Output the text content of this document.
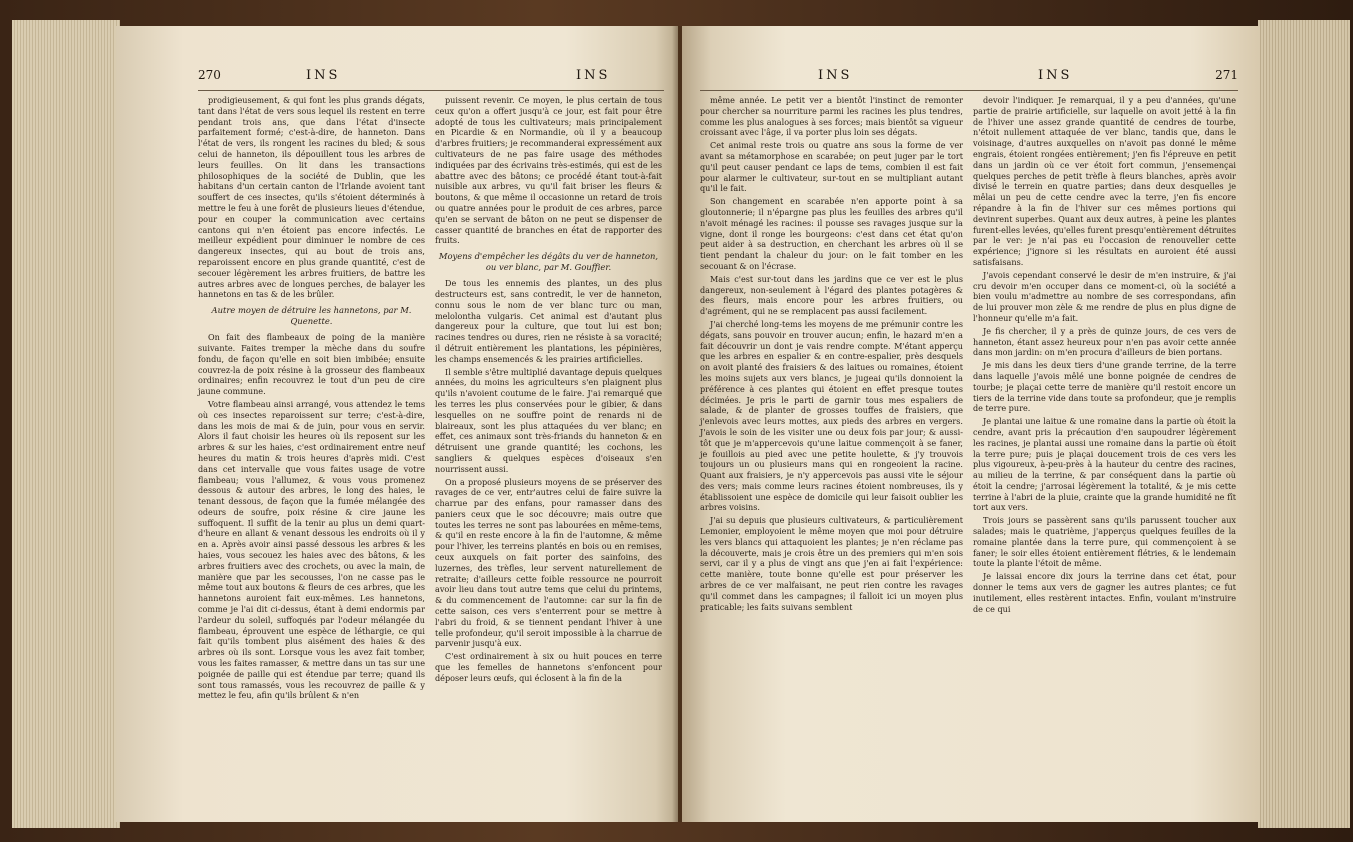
270	INS	INS

prodigieusement, & qui font les plus grands dégats, tant dans l'état de vers sous lequel ils restent en terre pendant trois ans, que dans l'état d'insecte parfaitement formé; c'est-à-dire, de hanneton. Dans l'état de vers, ils rongent les racines du bled; & sous celui de hanneton, ils dépouillent tous les arbres de leurs feuilles. On lit dans les transactions philosophiques de la société de Dublin, que les habitans d'un certain canton de l'Irlande avoient tant souffert de ces insectes, qu'ils s'étoient déterminés à mettre le feu à une forêt de plusieurs lieues d'étendue, pour en couper la communication avec certains cantons qui n'en étoient pas encore infectés. Le meilleur expédient pour diminuer le nombre de ces dangereux insectes, qui au bout de trois ans, reparoissent encore en plus grande quantité, c'est de secouer légèrement les arbres fruitiers, de battre les autres arbres avec de longues perches, de balayer les hannetons en tas & de les brûler.

Autre moyen de détruire les hannetons, par M. Quenette.

On fait des flambeaux de poing de la manière suivante. Faites tremper la mèche dans du soufre fondu, de façon qu'elle en soit bien imbibée; ensuite couvrez-la de poix résine à la grosseur des flambeaux ordinaires; enfin recouvrez le tout d'un peu de cire jaune commune.

Votre flambeau ainsi arrangé, vous attendez le tems où ces insectes reparoissent sur terre; c'est-à-dire, dans les mois de mai & de juin, pour vous en servir. Alors il faut choisir les heures où ils reposent sur les arbres & sur les haies, c'est ordinairement entre neuf heures du matin & trois heures d'après midi. C'est dans cet intervalle que vous faites usage de votre flambeau; vous l'allumez, & vous vous promenez dessous & autour des arbres, le long des haies, le tenant dessous, de façon que la fumée mélangée des odeurs de soufre, poix résine & cire jaune les suffoquent. Il suffit de la tenir au plus un demi quart-d'heure en allant & venant dessous les endroits où il y en a. Après avoir ainsi passé dessous les arbres & les haies, vous secouez les haies avec des bâtons, & les arbres fruitiers avec des crochets, ou avec la main, de manière que par les secousses, l'on ne casse pas le même tout aux boutons & fleurs de ces arbres, que les hannetons auroient fait eux-mêmes. Les hannetons, comme je l'ai dit ci-dessus, étant à demi endormis par l'ardeur du soleil, suffoqués par l'odeur mélangée du flambeau, éprouvent une espèce de léthargie, ce qui fait qu'ils tombent plus aisément des haies & des arbres où ils sont. Lorsque vous les avez fait tomber, vous les faites ramasser, & mettre dans un tas sur une poignée de paille qui est étendue par terre; quand ils sont tous ramassés, vous les recouvrez de paille & y mettez le feu, afin qu'ils brûlent & n'en

puissent revenir. Ce moyen, le plus certain de tous ceux qu'on a offert jusqu'à ce jour, est fait pour être adopté de tous les cultivateurs; mais principalement en Picardie & en Normandie, où il y a beaucoup d'arbres fruitiers; je recommanderai expressément aux cultivateurs de ne pas faire usage des méthodes indiquées par des écrivains très-estimés, qui est de les abattre avec des bâtons; ce procédé étant tout-à-fait nuisible aux arbres, vu qu'il fait briser les fleurs & boutons, & que même il occasionne un retard de trois ou quatre années pour le produit de ces arbres, parce qu'en se servant de bâton on ne peut se dispenser de casser quantité de branches en état de rapporter des fruits.

Moyens d'empêcher les dégâts du ver de hanneton, ou ver blanc, par M. Gouffier.

De tous les ennemis des plantes, un des plus destructeurs est, sans contredit, le ver de hanneton, connu sous le nom de ver blanc turc ou man, melolontha vulgaris. Cet animal est d'autant plus dangereux pour la culture, que tout lui est bon; racines tendres ou dures, rien ne résiste à sa voracité; il détruit entièrement les plantations, les pépinières, les champs ensemencés & les prairies artificielles.

Il semble s'être multiplié davantage depuis quelques années, du moins les agriculteurs s'en plaignent plus qu'ils n'avoient coutume de le faire. J'ai remarqué que les terres les plus conservées pour le gibier, & dans lesquelles on ne souffre point de renards ni de blaireaux, sont les plus attaquées du ver blanc; en effet, ces animaux sont très-friands du hanneton & en détruisent une grande quantité; les cochons, les sangliers & quelques espèces d'oiseaux s'en nourrissent aussi.

On a proposé plusieurs moyens de se préserver des ravages de ce ver, entr'autres celui de faire suivre la charrue par des enfans, pour ramasser dans des paniers ceux que le soc découvre; mais outre que toutes les terres ne sont pas labourées en même-tems, & qu'il en reste encore à la fin de l'automne, & même pour l'hiver, les terreins plantés en bois ou en remises, ceux auxquels on fait porter des sainfoins, des luzernes, des trèfles, leur servent naturellement de retraite; d'ailleurs cette foible ressource ne pourroit avoir lieu dans tout autre tems que celui du printems, & du commencement de l'automne: car sur la fin de cette saison, ces vers s'enterrent pour se mettre à l'abri du froid, & se tiennent pendant l'hiver à une telle profondeur, qu'il seroit impossible à la charrue de parvenir jusqu'à eux.

C'est ordinairement à six ou huit pouces en terre que les femelles de hannetons s'enfoncent pour déposer leurs œufs, qui éclosent à la fin de la

INS	INS	271

même année. Le petit ver a bientôt l'instinct de remonter pour chercher sa nourriture parmi les racines les plus tendres, comme les plus analogues à ses forces; mais bientôt sa vigueur croissant avec l'âge, il va porter plus loin ses dégats.

Cet animal reste trois ou quatre ans sous la forme de ver avant sa métamorphose en scarabée; on peut juger par le tort qu'il peut causer pendant ce laps de tems, combien il est fait pour alarmer le cultivateur, sur-tout en se multipliant autant qu'il le fait.

Son changement en scarabée n'en apporte point à sa gloutonnerie; il n'épargne pas plus les feuilles des arbres qu'il n'avoit ménagé les racines: il pousse ses ravages jusque sur la vigne, dont il ronge les bourgeons: c'est dans cet état qu'on peut aider à sa destruction, en cherchant les arbres où il se tient pendant la chaleur du jour: on le fait tomber en les secouant & on l'écrase.

Mais c'est sur-tout dans les jardins que ce ver est le plus dangereux, non-seulement à l'égard des plantes potagères & des fleurs, mais encore pour les arbres fruitiers, ou d'agrément, qui ne se remplacent pas aussi facilement.

J'ai cherché long-tems les moyens de me prémunir contre les dégats, sans pouvoir en trouver aucun; enfin, le hazard m'en a fait découvrir un dont je vais rendre compte. M'étant apperçu que les arbres en espalier & en contre-espalier, près desquels on avoit planté des fraisiers & des laitues ou romaines, étoient les moins sujets aux vers blancs, je jugeai qu'ils donnoient la préférence à ces plantes qui étoient en effet presque toutes décimées. Je pris le parti de garnir tous mes espaliers de salade, & de planter de grosses touffes de fraisiers, que j'enlevois avec leurs mottes, aux pieds des arbres en vergers. J'avois le soin de les visiter une ou deux fois par jour; & aussi-tôt que je m'appercevois qu'une laitue commençoit à se faner, je fouillois au pied avec une petite houlette, & j'y trouvois toujours un ou plusieurs mans qui en rongeoient la racine. Quant aux fraisiers, je n'y appercevois pas aussi vite le séjour des vers; mais comme leurs racines étoient nombreuses, ils y établissoient une espèce de domicile qui leur faisoit oublier les arbres voisins.

J'ai su depuis que plusieurs cultivateurs, & particulièrement Lemonier, employoient le même moyen que moi pour détruire les vers blancs qui attaquoient les plantes; je n'en réclame pas la découverte, mais je crois être un des premiers qui m'en sois servi, car il y a plus de vingt ans que j'en ai fait l'expérience: cette manière, toute bonne qu'elle est pour préserver les arbres de ce ver malfaisant, ne peut rien contre les ravages qu'il commet dans les campagnes; il falloit ici un moyen plus praticable; les faits suivans semblent

devoir l'indiquer. Je remarquai, il y a peu d'années, qu'une partie de prairie artificielle, sur laquelle on avoit jetté à la fin de l'hiver une assez grande quantité de cendres de tourbe, n'étoit nullement attaquée de ver blanc, tandis que, dans le voisinage, d'autres auxquelles on n'avoit pas donné le même engrais, étoient rongées entièrement; j'en fis l'épreuve en petit dans un jardin où ce ver étoit fort commun, j'ensemençai quelques perches de petit trèfle à fleurs blanches, après avoir divisé le terrein en quatre parties; dans deux desquelles je mêlai un peu de cette cendre avec la terre, j'en fis encore répandre à la fin de l'hiver sur ces mêmes portions qui devinrent superbes. Quant aux deux autres, à peine les plantes furent-elles levées, qu'elles furent presqu'entièrement détruites par le ver: je n'ai pas eu l'occasion de renouveller cette expérience; j'ignore si les résultats en auroient été aussi satisfaisans.

J'avois cependant conservé le desir de m'en instruire, & j'ai cru devoir m'en occuper dans ce moment-ci, où la société a bien voulu m'admettre au nombre de ses correspondans, afin de lui prouver mon zèle & me rendre de plus en plus digne de l'honneur qu'elle m'a fait.

Je fis chercher, il y a près de quinze jours, de ces vers de hanneton, étant assez heureux pour n'en pas avoir cette année dans mon jardin: on m'en procura d'ailleurs de bien portans.

Je mis dans les deux tiers d'une grande terrine, de la terre dans laquelle j'avois mêlé une bonne poignée de cendres de tourbe; je plaçai cette terre de manière qu'il restoit encore un tiers de la terrine vide dans toute sa profondeur, que je remplis de terre pure.

Je plantai une laitue & une romaine dans la partie où étoit la cendre, avant pris la précaution d'en saupoudrer légèrement les racines, je plantai aussi une romaine dans la partie où étoit la terre pure; puis je plaçai doucement trois de ces vers les plus vigoureux, à-peu-près à la hauteur du centre des racines, au milieu de la terrine, & par conséquent dans la partie où étoit la cendre; j'arrosai légèrement la totalité, & je mis cette terrine à l'abri de la pluie, crainte que la grande humidité ne fît tort aux vers.

Trois jours se passèrent sans qu'ils parussent toucher aux salades; mais le quatrième, j'apperçus quelques feuilles de la romaine plantée dans la terre pure, qui commençoient à se faner; le soir elles étoient entièrement flétries, & le lendemain toute la plante l'étoit de même.

Je laissai encore dix jours la terrine dans cet état, pour donner le tems aux vers de gagner les autres plantes; ce fut inutilement, elles restèrent intactes. Enfin, voulant m'instruire de ce qui
